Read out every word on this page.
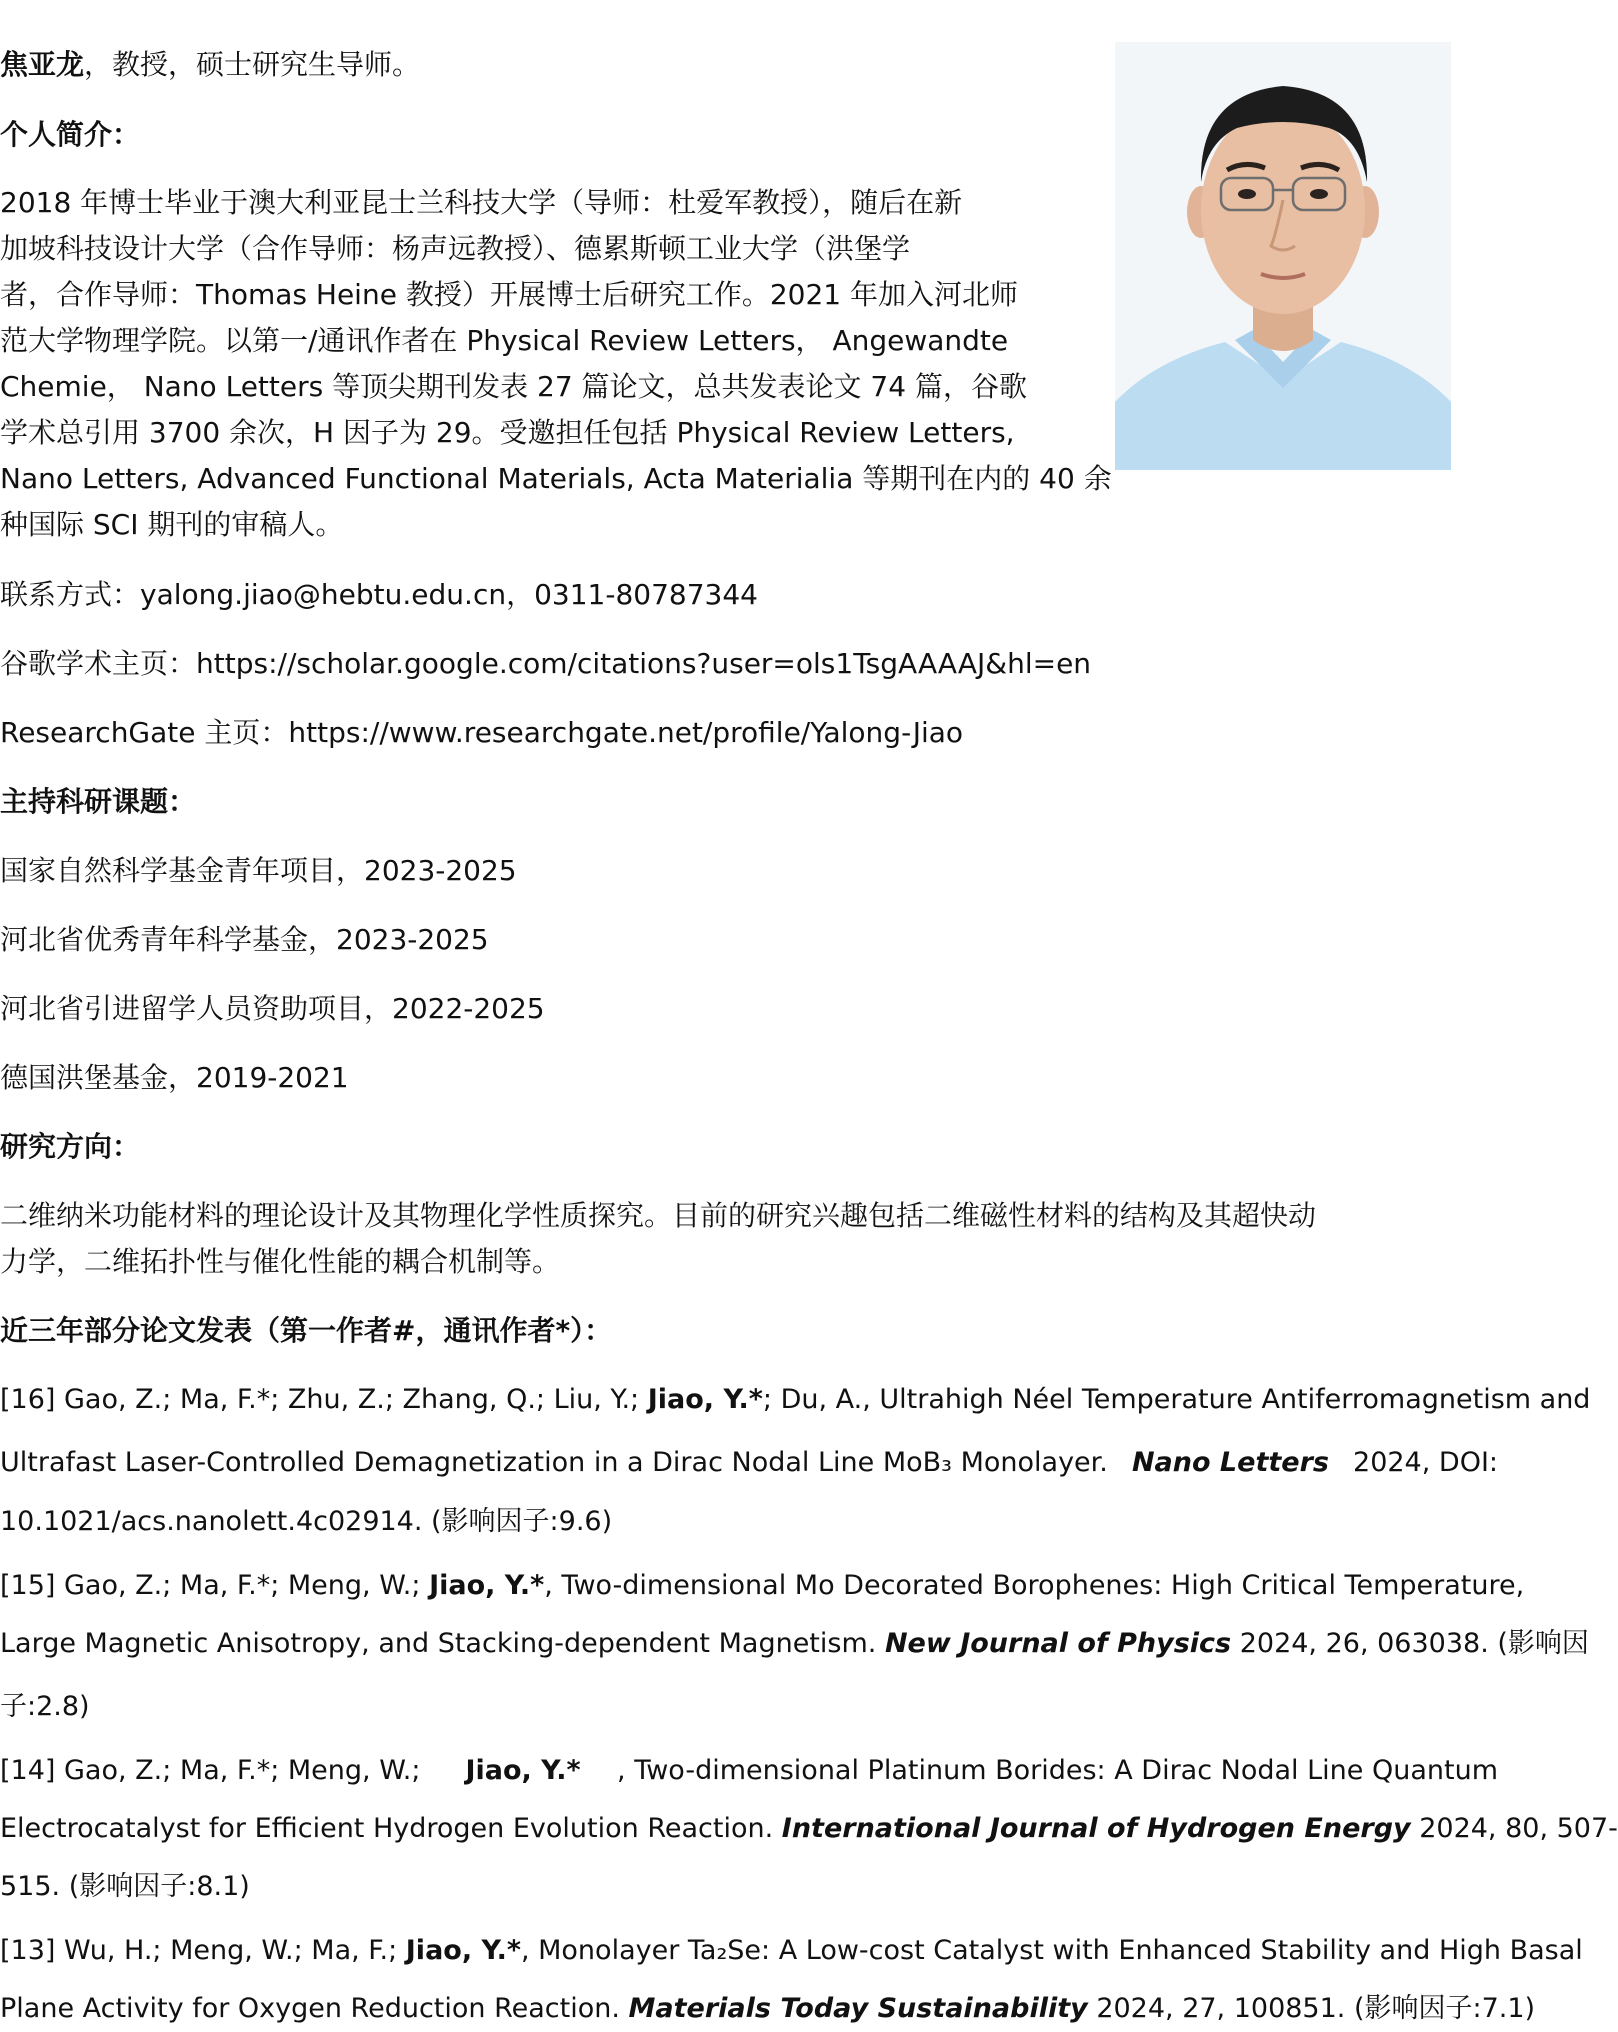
焦亚龙，教授，硕士研究生导师。
个人简介：
2018 年博士毕业于澳大利亚昆士兰科技大学（导师：杜爱军教授），随后在新
加坡科技设计大学（合作导师：杨声远教授）、德累斯顿工业大学（洪堡学
者，合作导师：Thomas Heine 教授）开展博士后研究工作。2021 年加入河北师
范大学物理学院。以第一/通讯作者在 Physical Review Letters， Angewandte
Chemie， Nano Letters 等顶尖期刊发表 27 篇论文，总共发表论文 74 篇，谷歌
学术总引用 3700 余次，H 因子为 29。受邀担任包括 Physical Review Letters,
Nano Letters, Advanced Functional Materials, Acta Materialia 等期刊在内的 40 余
种国际 SCI 期刊的审稿人。
联系方式：yalong.jiao@hebtu.edu.cn，0311-80787344
谷歌学术主页：https://scholar.google.com/citations?user=ols1TsgAAAAJ&hl=en
ResearchGate 主页：https://www.researchgate.net/profile/Yalong-Jiao
主持科研课题：
国家自然科学基金青年项目，2023-2025
河北省优秀青年科学基金，2023-2025
河北省引进留学人员资助项目，2022-2025
德国洪堡基金，2019-2021
研究方向：
二维纳米功能材料的理论设计及其物理化学性质探究。目前的研究兴趣包括二维磁性材料的结构及其超快动
力学，二维拓扑性与催化性能的耦合机制等。
近三年部分论文发表（第一作者#，通讯作者*）：
[16] Gao, Z.; Ma, F.*; Zhu, Z.; Zhang, Q.; Liu, Y.; Jiao, Y.*; Du, A., Ultrahigh Néel Temperature Antiferromagnetism and
Ultrafast Laser-Controlled Demagnetization in a Dirac Nodal Line MoB₃ Monolayer. Nano Letters 2024, DOI:
10.1021/acs.nanolett.4c02914. (影响因子:9.6)
[15] Gao, Z.; Ma, F.*; Meng, W.; Jiao, Y.*, Two-dimensional Mo Decorated Borophenes: High Critical Temperature,
Large Magnetic Anisotropy, and Stacking-dependent Magnetism. New Journal of Physics 2024, 26, 063038. (影响因
子:2.8)
[14] Gao, Z.; Ma, F.*; Meng, W.; Jiao, Y.* , Two-dimensional Platinum Borides: A Dirac Nodal Line Quantum
Electrocatalyst for Efficient Hydrogen Evolution Reaction. International Journal of Hydrogen Energy 2024, 80, 507-
515. (影响因子:8.1)
[13] Wu, H.; Meng, W.; Ma, F.; Jiao, Y.*, Monolayer Ta₂Se: A Low-cost Catalyst with Enhanced Stability and High Basal
Plane Activity for Oxygen Reduction Reaction. Materials Today Sustainability 2024, 27, 100851. (影响因子:7.1)
